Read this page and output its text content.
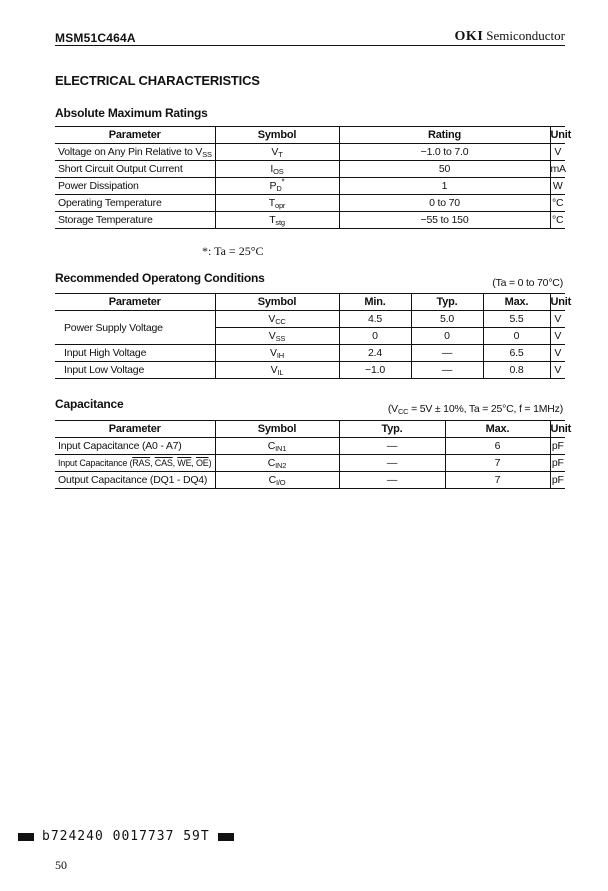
MSM51C464A	OKI Semiconductor
ELECTRICAL CHARACTERISTICS
Absolute Maximum Ratings
Parameter	Symbol	Rating	Unit
Voltage on Any Pin Relative to $V_{SS}$	$V_T$	−1.0 to 7.0	V
Short Circuit Output Current	$I_{OS}$	50	mA
Power Dissipation	$P_D^*$	1	W
Operating Temperature	$T_{opr}$	0 to 70	°C
Storage Temperature	$T_{stg}$	−55 to 150	°C
*: Ta = 25°C
Recommended Operatong Conditions	(Ta = 0 to 70°C)
Parameter	Symbol	Min.	Typ.	Max.	Unit
Power Supply Voltage	$V_{CC}$	4.5	5.0	5.5	V
	$V_{SS}$	0	0	0	V
Input High Voltage	$V_{IH}$	2.4	—	6.5	V
Input Low Voltage	$V_{IL}$	−1.0	—	0.8	V
Capacitance	($V_{CC} = 5V \pm 10\%$, Ta = 25°C, f = 1MHz)
Parameter	Symbol	Typ.	Max.	Unit
Input Capacitance (A0 - A7)	$C_{IN1}$	—	6	pF
Input Capacitance ($\overline{RAS}$, $\overline{CAS}$, $\overline{WE}$, $\overline{OE}$)	$C_{IN2}$	—	7	pF
Output Capacitance (DQ1 - DQ4)	$C_{I/O}$	—	7	pF
b724240 0017737 59T
50
